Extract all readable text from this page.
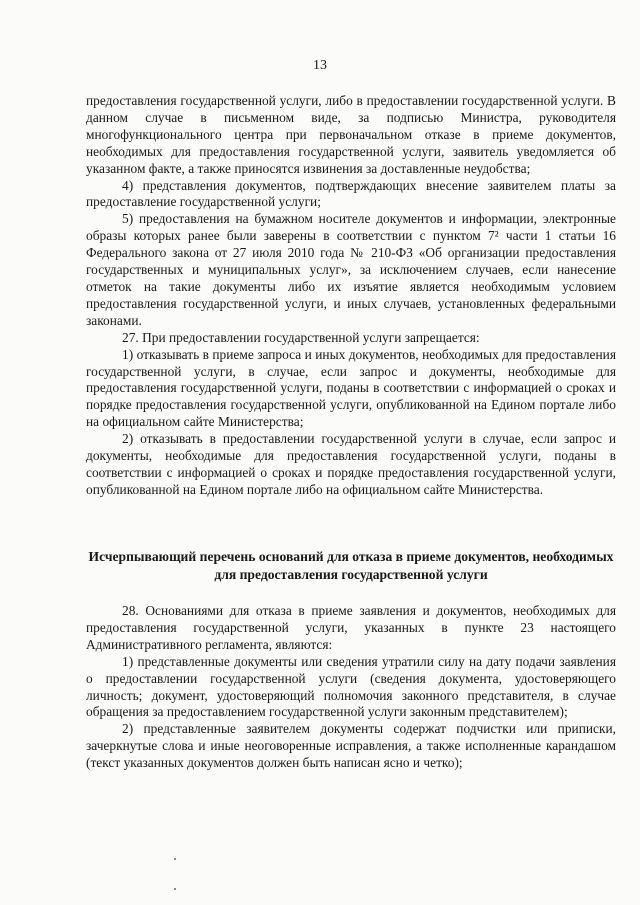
13

предоставления государственной услуги, либо в предоставлении государственной услуги. В данном случае в письменном виде, за подписью Министра, руководителя многофункционального центра при первоначальном отказе в приеме документов, необходимых для предоставления государственной услуги, заявитель уведомляется об указанном факте, а также приносятся извинения за доставленные неудобства;

4) представления документов, подтверждающих внесение заявителем платы за предоставление государственной услуги;

5) предоставления на бумажном носителе документов и информации, электронные образы которых ранее были заверены в соответствии с пунктом 7² части 1 статьи 16 Федерального закона от 27 июля 2010 года № 210-ФЗ «Об организации предоставления государственных и муниципальных услуг», за исключением случаев, если нанесение отметок на такие документы либо их изъятие является необходимым условием предоставления государственной услуги, и иных случаев, установленных федеральными законами.

27. При предоставлении государственной услуги запрещается:

1) отказывать в приеме запроса и иных документов, необходимых для предоставления государственной услуги, в случае, если запрос и документы, необходимые для предоставления государственной услуги, поданы в соответствии с информацией о сроках и порядке предоставления государственной услуги, опубликованной на Едином портале либо на официальном сайте Министерства;

2) отказывать в предоставлении государственной услуги в случае, если запрос и документы, необходимые для предоставления государственной услуги, поданы в соответствии с информацией о сроках и порядке предоставления государственной услуги, опубликованной на Едином портале либо на официальном сайте Министерства.

Исчерпывающий перечень оснований для отказа в приеме документов, необходимых для предоставления государственной услуги

28. Основаниями для отказа в приеме заявления и документов, необходимых для предоставления государственной услуги, указанных в пункте 23 настоящего Административного регламента, являются:

1) представленные документы или сведения утратили силу на дату подачи заявления о предоставлении государственной услуги (сведения документа, удостоверяющего личность; документ, удостоверяющий полномочия законного представителя, в случае обращения за предоставлением государственной услуги законным представителем);

2) представленные заявителем документы содержат подчистки или приписки, зачеркнутые слова и иные неоговоренные исправления, а также исполненные карандашом (текст указанных документов должен быть написан ясно и четко);
